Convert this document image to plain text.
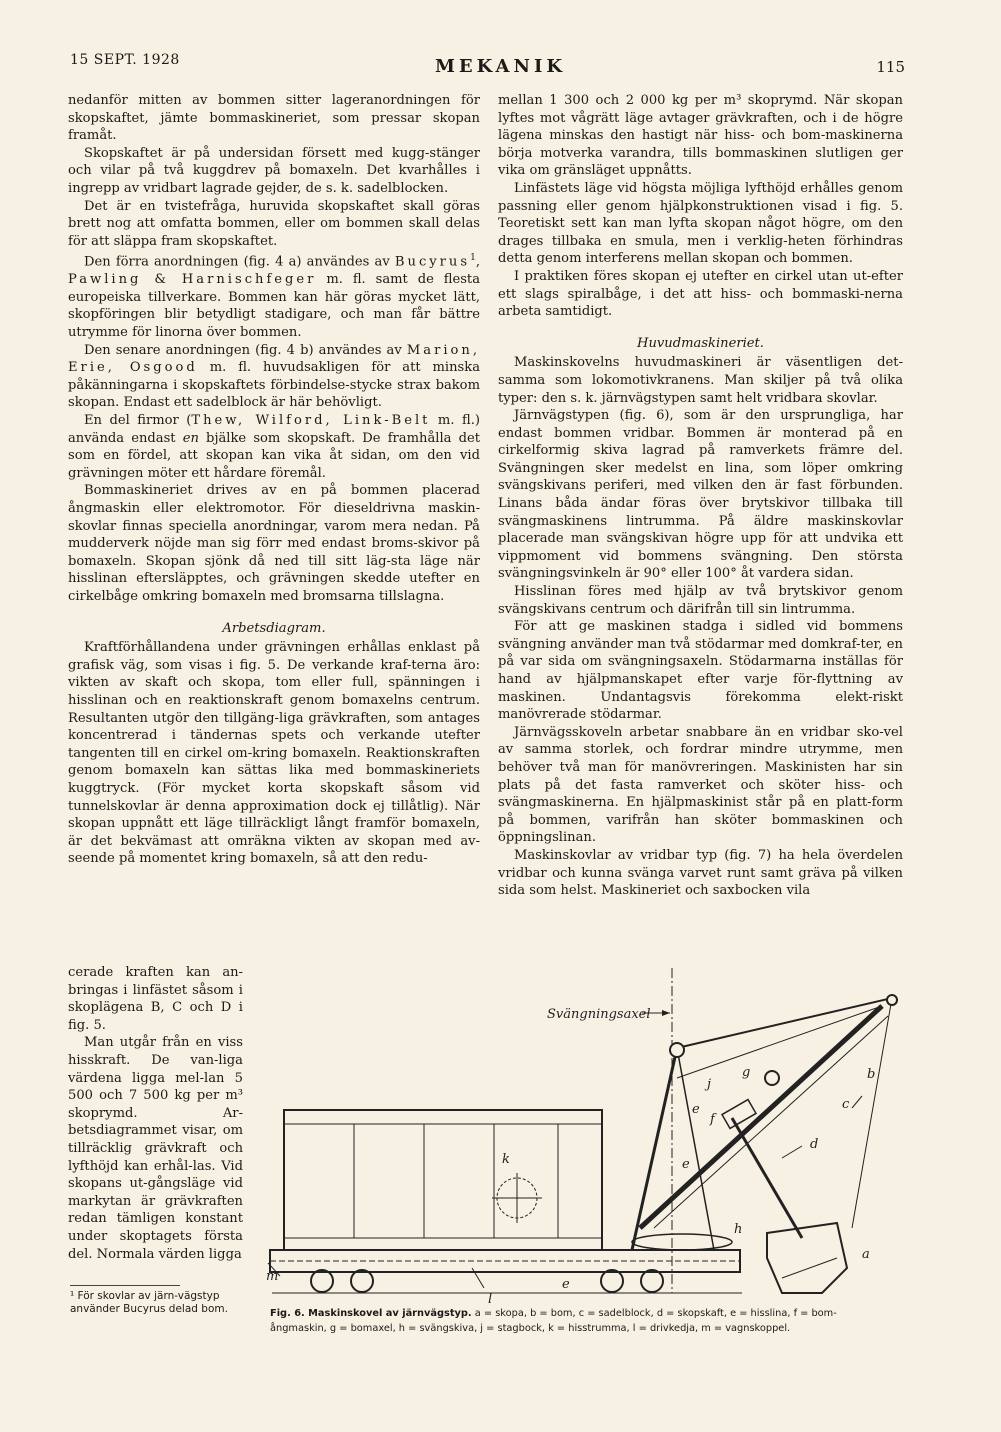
15 SEPT. 1928	MEKANIK	115

nedanför mitten av bommen sitter lageranordningen för skopskaftet, jämte bommaskineriet, som pressar skopan framåt.

Skopskaftet är på undersidan försett med kugg-stänger och vilar på två kuggdrev på bomaxeln. Det kvarhålles i ingrepp av vridbart lagrade gejder, de s. k. sadelblocken.

Det är en tvistefråga, huruvida skopskaftet skall göras brett nog att omfatta bommen, eller om bommen skall delas för att släppa fram skopskaftet.

Den förra anordningen (fig. 4 a) användes av Bucyrus$^1$, Pawling & Harnischfeger m. fl. samt de flesta europeiska tillverkare. Bommen kan här göras mycket lätt, skopföringen blir betydligt stadigare, och man får bättre utrymme för linorna över bommen.

Den senare anordningen (fig. 4 b) användes av Marion, Erie, Osgood m. fl. huvudsakligen för att minska påkänningarna i skopskaftets förbindelse-stycke strax bakom skopan. Endast ett sadelblock är här behövligt.

En del firmor (Thew, Wilford, Link-Belt m. fl.) använda endast en bjälke som skopskaft. De framhålla det som en fördel, att skopan kan vika åt sidan, om den vid grävningen möter ett hårdare föremål.

Bommaskineriet drives av en på bommen placerad ångmaskin eller elektromotor. För dieseldrivna maskin-skovlar finnas speciella anordningar, varom mera nedan. På mudderverk nöjde man sig förr med endast broms-skivor på bomaxeln. Skopan sjönk då ned till sitt läg-sta läge när hisslinan eftersläpptes, och grävningen skedde utefter en cirkelbåge omkring bomaxeln med bromsarna tillslagna.

Arbetsdiagram.

Kraftförhållandena under grävningen erhållas enklast på grafisk väg, som visas i fig. 5. De verkande kraf-terna äro: vikten av skaft och skopa, tom eller full, spänningen i hisslinan och en reaktionskraft genom bomaxelns centrum. Resultanten utgör den tillgäng-liga grävkraften, som antages koncentrerad i tändernas spets och verkande utefter tangenten till en cirkel om-kring bomaxeln. Reaktionskraften genom bomaxeln kan sättas lika med bommaskineriets kuggtryck. (För mycket korta skopskaft såsom vid tunnelskovlar är denna approximation dock ej tillåtlig). När skopan uppnått ett läge tillräckligt långt framför bomaxeln, är det bekvämast att omräkna vikten av skopan med av-seende på momentet kring bomaxeln, så att den redu-

cerade kraften kan an-bringas i linfästet såsom i skoplägena B, C och D i fig. 5.

Man utgår från en viss hisskraft. De van-liga värdena ligga mel-lan 5 500 och 7 500 kg per m³ skoprymd. Ar-betsdiagrammet visar, om tillräcklig grävkraft och lyfthöjd kan erhål-las. Vid skopans ut-gångsläge vid markytan är grävkraften redan tämligen konstant under skoptagets första del. Normala värden ligga

¹ För skovlar av järn-vägstyp använder Bucyrus delad bom.

mellan 1 300 och 2 000 kg per m³ skoprymd. När skopan lyftes mot vågrätt läge avtager grävkraften, och i de högre lägena minskas den hastigt när hiss- och bom-maskinerna börja motverka varandra, tills bommaskinen slutligen ger vika om gränsläget uppnåtts.

Linfästets läge vid högsta möjliga lyfthöjd erhålles genom passning eller genom hjälpkonstruktionen visad i fig. 5. Teoretiskt sett kan man lyfta skopan något högre, om den drages tillbaka en smula, men i verklig-heten förhindras detta genom interferens mellan skopan och bommen.

I praktiken föres skopan ej utefter en cirkel utan ut-efter ett slags spiralbåge, i det att hiss- och bommaski-nerna arbeta samtidigt.

Huvudmaskineriet.

Maskinskovelns huvudmaskineri är väsentligen det-samma som lokomotivkranens. Man skiljer på två olika typer: den s. k. järnvägstypen samt helt vridbara skovlar.

Järnvägstypen (fig. 6), som är den ursprungliga, har endast bommen vridbar. Bommen är monterad på en cirkelformig skiva lagrad på ramverkets främre del. Svängningen sker medelst en lina, som löper omkring svängskivans periferi, med vilken den är fast förbunden. Linans båda ändar föras över brytskivor tillbaka till svängmaskinens lintrumma. På äldre maskinskovlar placerade man svängskivan högre upp för att undvika ett vippmoment vid bommens svängning. Den största svängningsvinkeln är 90° eller 100° åt vardera sidan.

Hisslinan föres med hjälp av två brytskivor genom svängskivans centrum och därifrån till sin lintrumma.

För att ge maskinen stadga i sidled vid bommens svängning använder man två stödarmar med domkraf-ter, en på var sida om svängningsaxeln. Stödarmarna inställas för hand av hjälpmanskapet efter varje för-flyttning av maskinen. Undantagsvis förekomma elekt-riskt manövrerade stödarmar.

Järnvägsskoveln arbetar snabbare än en vridbar sko-vel av samma storlek, och fordrar mindre utrymme, men behöver två man för manövreringen. Maskinisten har sin plats på det fasta ramverket och sköter hiss- och svängmaskinerna. En hjälpmaskinist står på en platt-form på bommen, varifrån han sköter bommaskinen och öppningslinan.

Maskinskovlar av vridbar typ (fig. 7) ha hela överdelen vridbar och kunna svänga varvet runt samt gräva på vilken sida som helst. Maskineriet och saxbocken vila

Svängningsaxel
a
b
c
d
e
e
e
f
g
h
j
k
l
m
Fig. 6. Maskinskovel av järnvägstyp. a = skopa, b = bom, c = sadelblock, d = skopskaft, e = hisslina, f = bom-
ångmaskin, g = bomaxel, h = svängskiva, j = stagbock, k = hisstrumma, l = drivkedja, m = vagnskoppel.
